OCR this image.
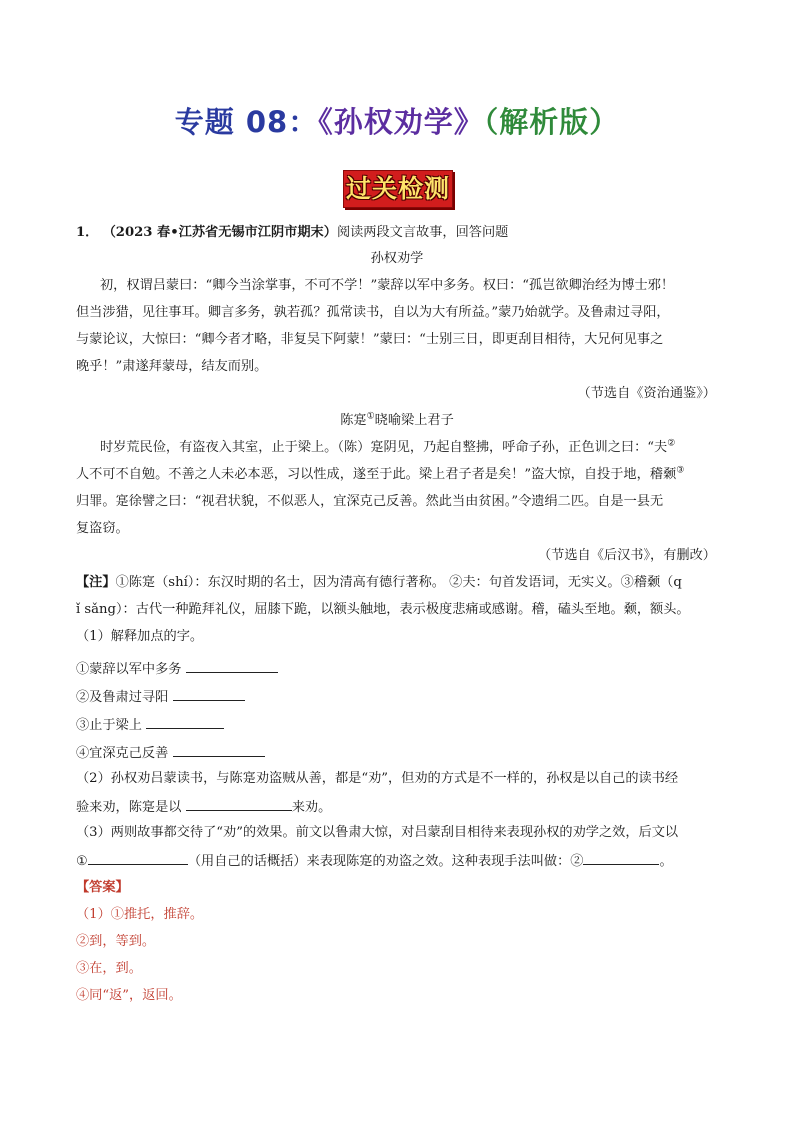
专题 08：《孙权劝学》（解析版）
过关检测
1． （2023 春•江苏省无锡市江阴市期末）阅读两段文言故事，回答问题
孙权劝学
初，权谓吕蒙曰：“卿今当涂掌事，不可不学！”蒙辞以军中多务。权曰：“孤岂欲卿治经为博士邪！
但当涉猎，见往事耳。卿言多务，孰若孤？孤常读书，自以为大有所益。”蒙乃始就学。及鲁肃过寻阳，
与蒙论议，大惊曰：“卿今者才略，非复吴下阿蒙！”蒙曰：“士别三日，即更刮目相待，大兄何见事之
晚乎！”肃遂拜蒙母，结友而别。
（节选自《资治通鉴》）
陈寔①晓喻梁上君子
时岁荒民俭，有盗夜入其室，止于梁上。（陈）寔阴见，乃起自整拂，呼命子孙，正色训之曰：“夫②
人不可不自勉。不善之人未必本恶，习以性成，遂至于此。梁上君子者是矣！”盗大惊，自投于地，稽颡③
归罪。寔徐譬之曰：“视君状貌，不似恶人，宜深克己反善。然此当由贫困。”令遗绢二匹。自是一县无
复盗窃。
（节选自《后汉书》，有删改）
【注】①陈寔（shí）：东汉时期的名士，因为清高有德行著称。 ②夫：句首发语词，无实义。③稽颡（q
ǐ sǎng）：古代一种跪拜礼仪，屈膝下跪，以额头触地，表示极度悲痛或感谢。稽，磕头至地。颡，额头。
（1）解释加点的字。
①蒙辞以军中多务
②及鲁肃过寻阳
③止于梁上
④宜深克己反善
（2）孙权劝吕蒙读书，与陈寔劝盗贼从善，都是“劝”，但劝的方式是不一样的，孙权是以自己的读书经
验来劝，陈寔是以	来劝。
（3）两则故事都交待了“劝”的效果。前文以鲁肃大惊，对吕蒙刮目相待来表现孙权的劝学之效，后文以
①	（用自己的话概括）来表现陈寔的劝盗之效。这种表现手法叫做：②	。
【答案】
（1）①推托，推辞。
②到，等到。
③在，到。
④同“返”，返回。
